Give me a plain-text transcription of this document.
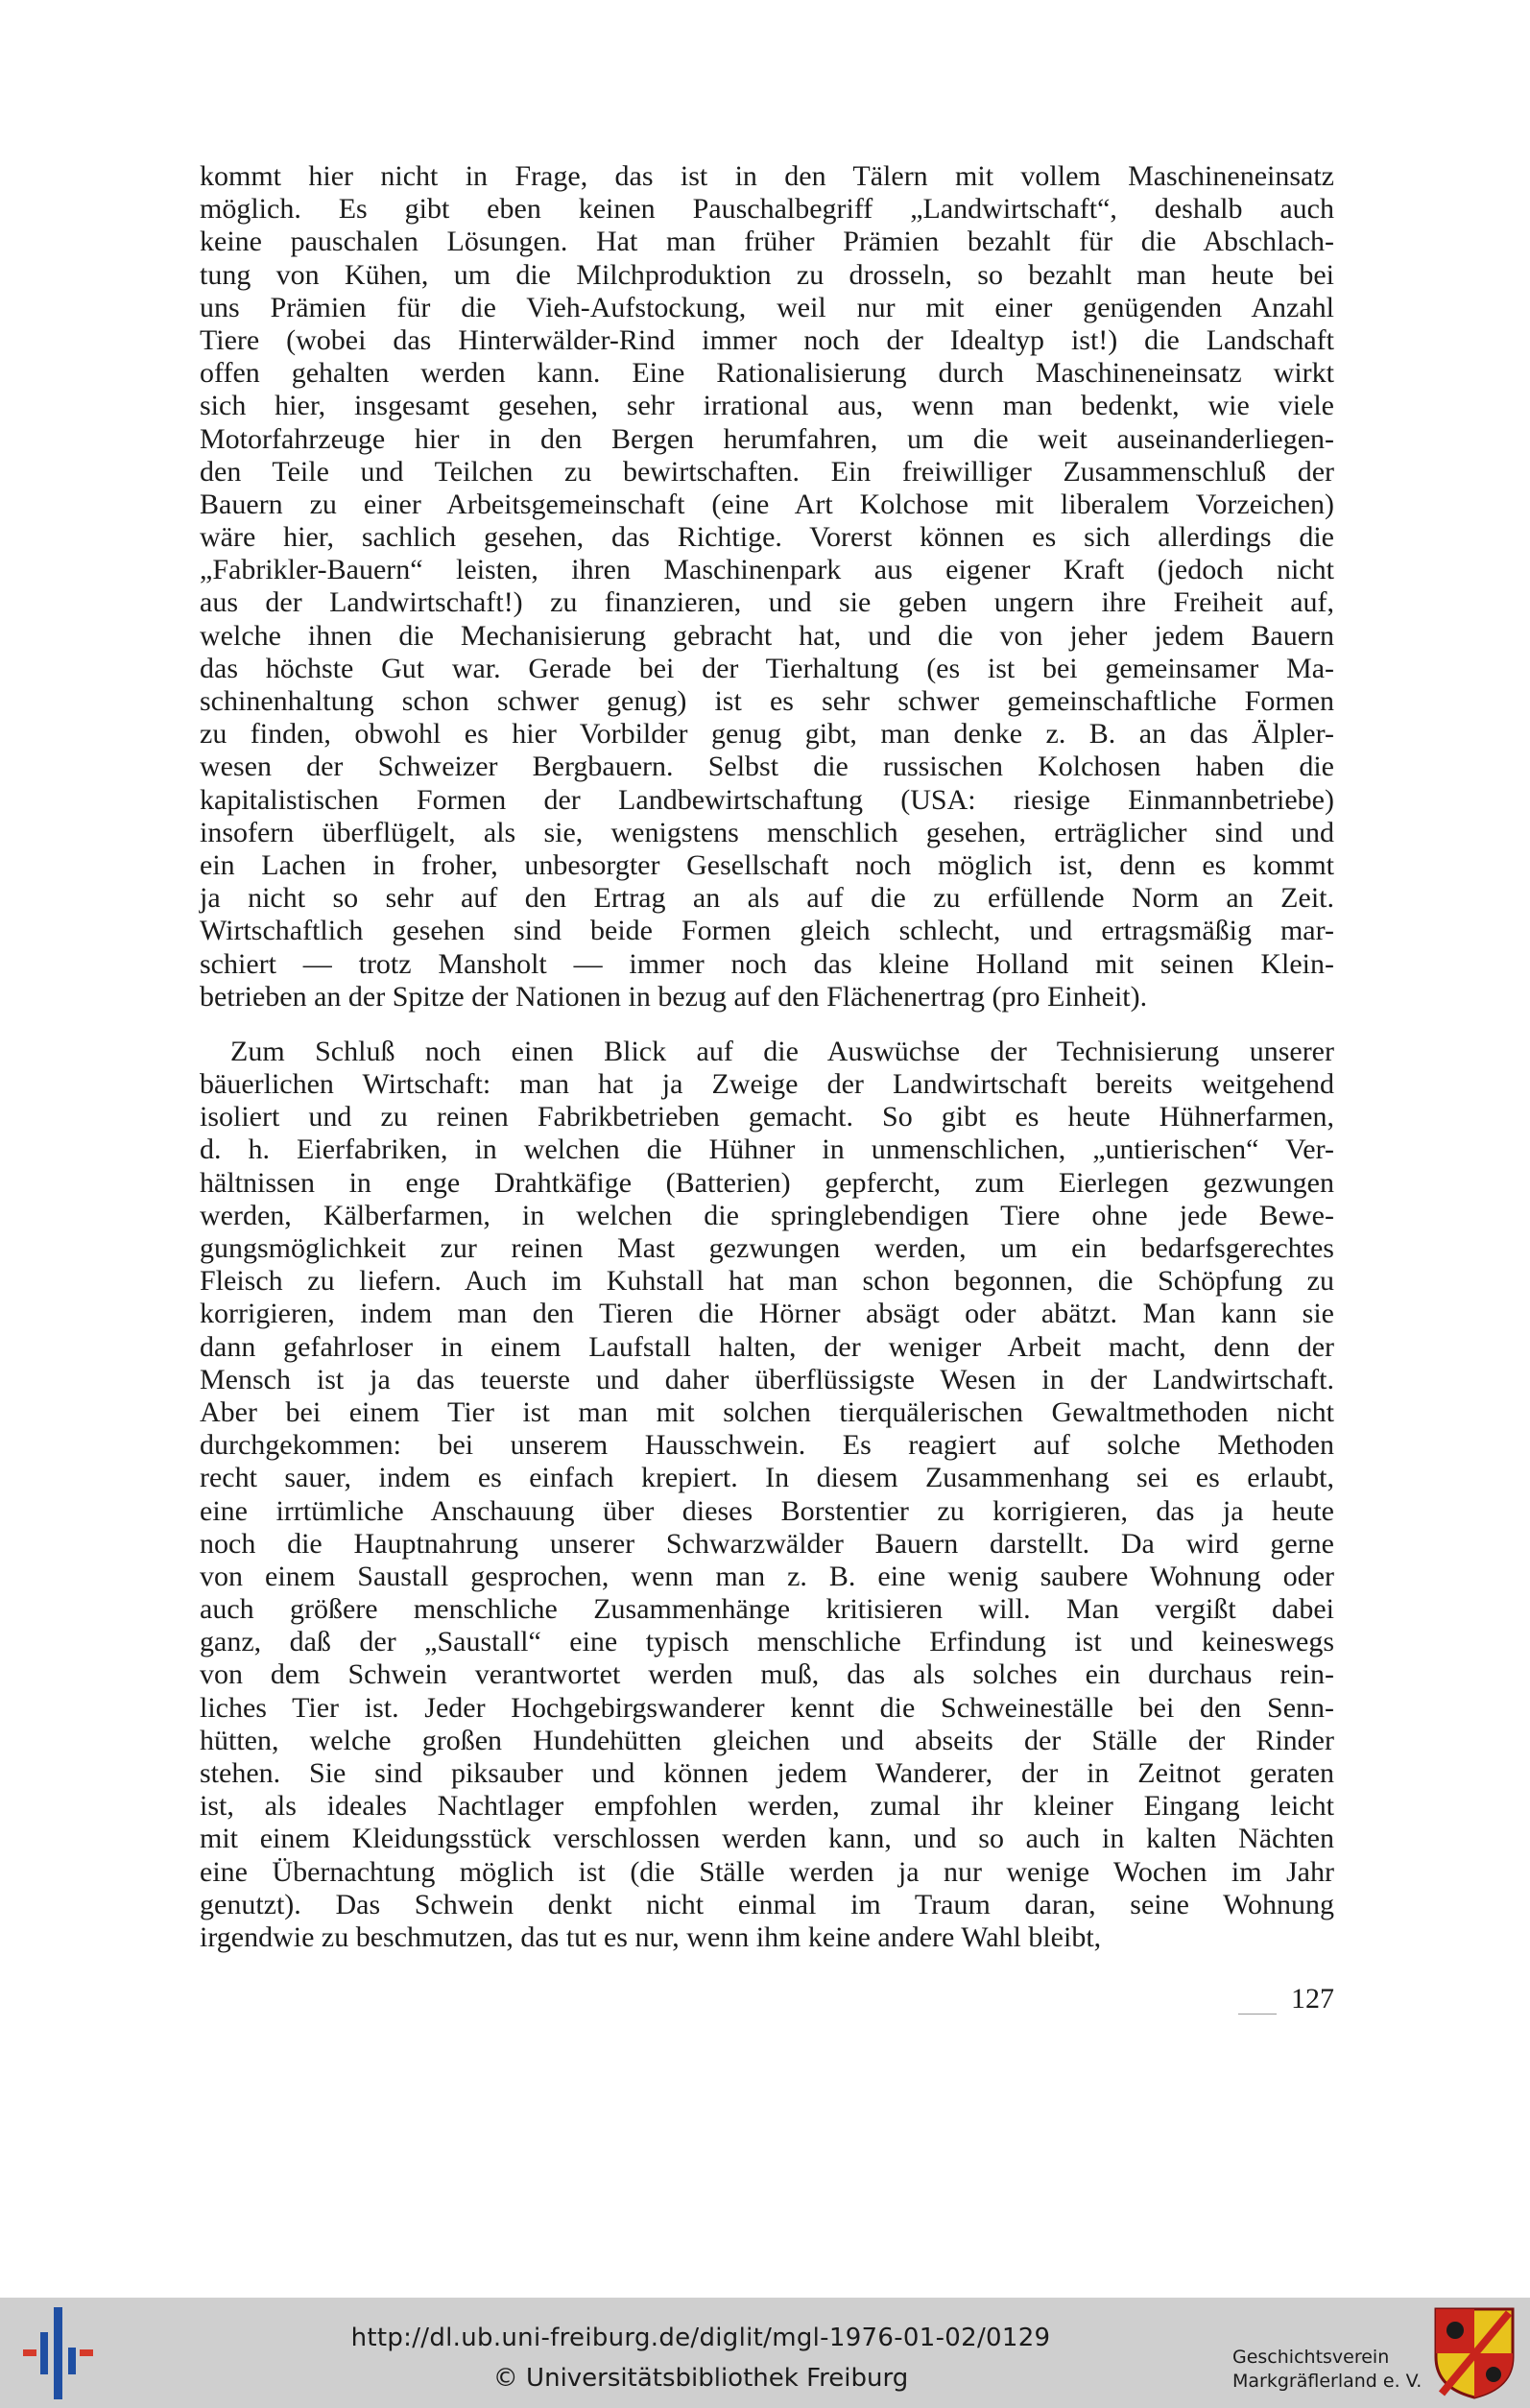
kommt hier nicht in Frage, das ist in den Tälern mit vollem Maschineneinsatz
möglich. Es gibt eben keinen Pauschalbegriff „Landwirtschaft“, deshalb auch
keine pauschalen Lösungen. Hat man früher Prämien bezahlt für die Abschlach-
tung von Kühen, um die Milchproduktion zu drosseln, so bezahlt man heute bei
uns Prämien für die Vieh-Aufstockung, weil nur mit einer genügenden Anzahl
Tiere (wobei das Hinterwälder-Rind immer noch der Idealtyp ist!) die Landschaft
offen gehalten werden kann. Eine Rationalisierung durch Maschineneinsatz wirkt
sich hier, insgesamt gesehen, sehr irrational aus, wenn man bedenkt, wie viele
Motorfahrzeuge hier in den Bergen herumfahren, um die weit auseinanderliegen-
den Teile und Teilchen zu bewirtschaften. Ein freiwilliger Zusammenschluß der
Bauern zu einer Arbeitsgemeinschaft (eine Art Kolchose mit liberalem Vorzeichen)
wäre hier, sachlich gesehen, das Richtige. Vorerst können es sich allerdings die
„Fabrikler-Bauern“ leisten, ihren Maschinenpark aus eigener Kraft (jedoch nicht
aus der Landwirtschaft!) zu finanzieren, und sie geben ungern ihre Freiheit auf,
welche ihnen die Mechanisierung gebracht hat, und die von jeher jedem Bauern
das höchste Gut war. Gerade bei der Tierhaltung (es ist bei gemeinsamer Ma-
schinenhaltung schon schwer genug) ist es sehr schwer gemeinschaftliche Formen
zu finden, obwohl es hier Vorbilder genug gibt, man denke z. B. an das Älpler-
wesen der Schweizer Bergbauern. Selbst die russischen Kolchosen haben die
kapitalistischen Formen der Landbewirtschaftung (USA: riesige Einmannbetriebe)
insofern überflügelt, als sie, wenigstens menschlich gesehen, erträglicher sind und
ein Lachen in froher, unbesorgter Gesellschaft noch möglich ist, denn es kommt
ja nicht so sehr auf den Ertrag an als auf die zu erfüllende Norm an Zeit.
Wirtschaftlich gesehen sind beide Formen gleich schlecht, und ertragsmäßig mar-
schiert — trotz Mansholt — immer noch das kleine Holland mit seinen Klein-
betrieben an der Spitze der Nationen in bezug auf den Flächenertrag (pro Einheit).
Zum Schluß noch einen Blick auf die Auswüchse der Technisierung unserer
bäuerlichen Wirtschaft: man hat ja Zweige der Landwirtschaft bereits weitgehend
isoliert und zu reinen Fabrikbetrieben gemacht. So gibt es heute Hühnerfarmen,
d. h. Eierfabriken, in welchen die Hühner in unmenschlichen, „untierischen“ Ver-
hältnissen in enge Drahtkäfige (Batterien) gepfercht, zum Eierlegen gezwungen
werden, Kälberfarmen, in welchen die springlebendigen Tiere ohne jede Bewe-
gungsmöglichkeit zur reinen Mast gezwungen werden, um ein bedarfsgerechtes
Fleisch zu liefern. Auch im Kuhstall hat man schon begonnen, die Schöpfung zu
korrigieren, indem man den Tieren die Hörner absägt oder abätzt. Man kann sie
dann gefahrloser in einem Laufstall halten, der weniger Arbeit macht, denn der
Mensch ist ja das teuerste und daher überflüssigste Wesen in der Landwirtschaft.
Aber bei einem Tier ist man mit solchen tierquälerischen Gewaltmethoden nicht
durchgekommen: bei unserem Hausschwein. Es reagiert auf solche Methoden
recht sauer, indem es einfach krepiert. In diesem Zusammenhang sei es erlaubt,
eine irrtümliche Anschauung über dieses Borstentier zu korrigieren, das ja heute
noch die Hauptnahrung unserer Schwarzwälder Bauern darstellt. Da wird gerne
von einem Saustall gesprochen, wenn man z. B. eine wenig saubere Wohnung oder
auch größere menschliche Zusammenhänge kritisieren will. Man vergißt dabei
ganz, daß der „Saustall“ eine typisch menschliche Erfindung ist und keineswegs
von dem Schwein verantwortet werden muß, das als solches ein durchaus rein-
liches Tier ist. Jeder Hochgebirgswanderer kennt die Schweineställe bei den Senn-
hütten, welche großen Hundehütten gleichen und abseits der Ställe der Rinder
stehen. Sie sind piksauber und können jedem Wanderer, der in Zeitnot geraten
ist, als ideales Nachtlager empfohlen werden, zumal ihr kleiner Eingang leicht
mit einem Kleidungsstück verschlossen werden kann, und so auch in kalten Nächten
eine Übernachtung möglich ist (die Ställe werden ja nur wenige Wochen im Jahr
genutzt). Das Schwein denkt nicht einmal im Traum daran, seine Wohnung
irgendwie zu beschmutzen, das tut es nur, wenn ihm keine andere Wahl bleibt,
127
http://dl.ub.uni-freiburg.de/diglit/mgl-1976-01-02/0129
© Universitätsbibliothek Freiburg
Geschichtsverein
Markgräflerland e. V.
